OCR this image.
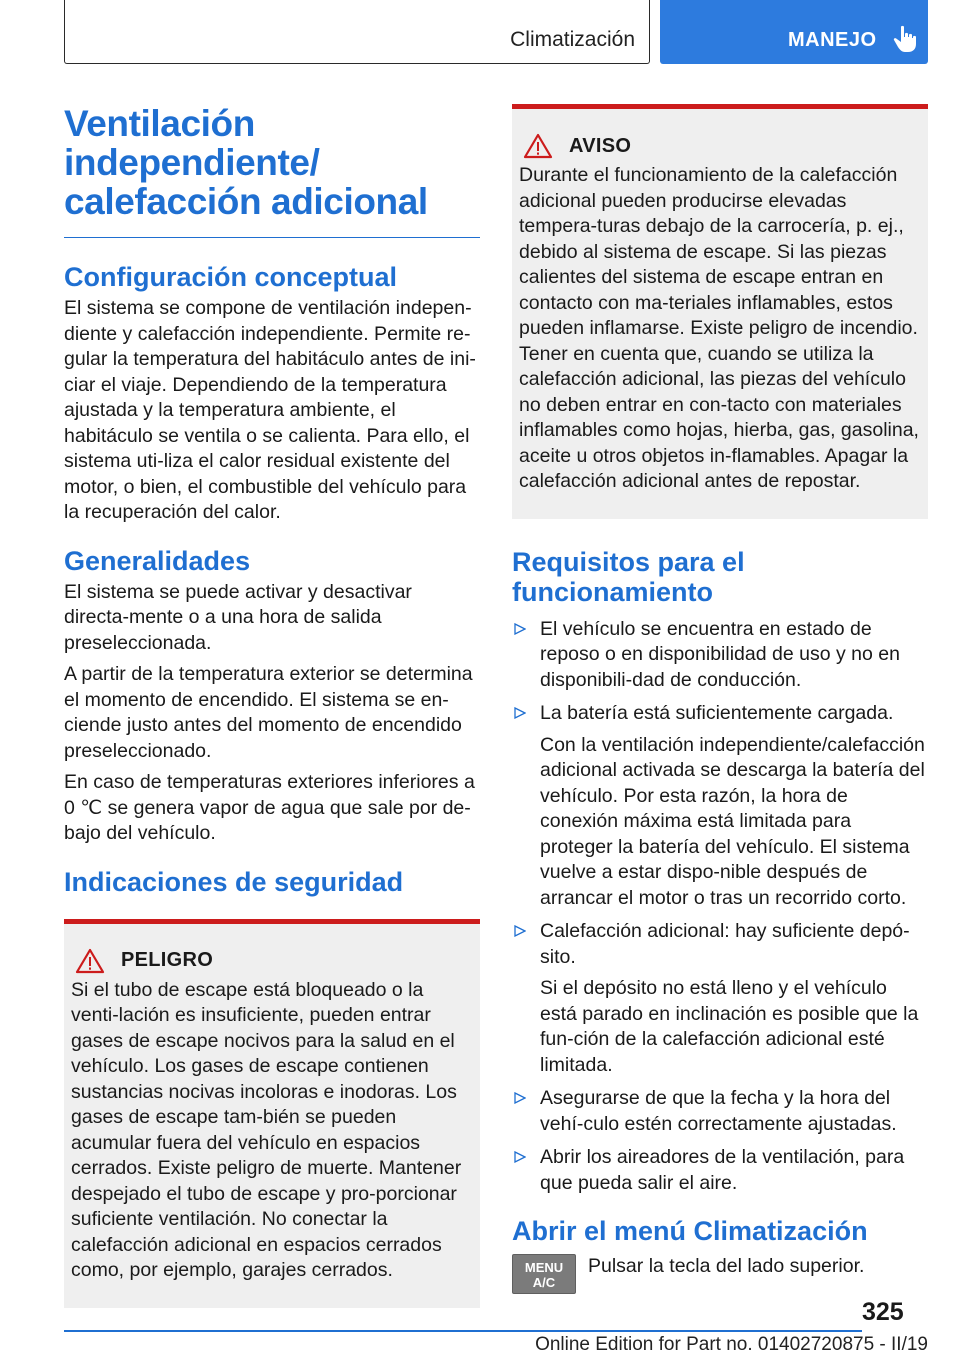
Climatización	MANEJO
Ventilación independiente/ calefacción adicional
Configuración conceptual

El sistema se compone de ventilación indepen-diente y calefacción independiente. Permite re-gular la temperatura del habitáculo antes de ini-ciar el viaje. Dependiendo de la temperatura ajustada y la temperatura ambiente, el habitáculo se ventila o se calienta. Para ello, el sistema uti-liza el calor residual existente del motor, o bien, el combustible del vehículo para la recuperación del calor.

Generalidades

El sistema se puede activar y desactivar directa-mente o a una hora de salida preseleccionada.

A partir de la temperatura exterior se determina el momento de encendido. El sistema se en-ciende justo antes del momento de encendido preseleccionado.

En caso de temperaturas exteriores inferiores a 0 ℃ se genera vapor de agua que sale por de-bajo del vehículo.

Indicaciones de seguridad
PELIGRO

Si el tubo de escape está bloqueado o la venti-lación es insuficiente, pueden entrar gases de escape nocivos para la salud en el vehículo. Los gases de escape contienen sustancias nocivas incoloras e inodoras. Los gases de escape tam-bién se pueden acumular fuera del vehículo en espacios cerrados. Existe peligro de muerte. Mantener despejado el tubo de escape y pro-porcionar suficiente ventilación. No conectar la calefacción adicional en espacios cerrados como, por ejemplo, garajes cerrados.

AVISO

Durante el funcionamiento de la calefacción adicional pueden producirse elevadas tempera-turas debajo de la carrocería, p. ej., debido al sistema de escape. Si las piezas calientes del sistema de escape entran en contacto con ma-teriales inflamables, estos pueden inflamarse. Existe peligro de incendio. Tener en cuenta que, cuando se utiliza la calefacción adicional, las piezas del vehículo no deben entrar en con-tacto con materiales inflamables como hojas, hierba, gas, gasolina, aceite u otros objetos in-flamables. Apagar la calefacción adicional antes de repostar.

Requisitos para el funcionamiento

El vehículo se encuentra en estado de reposo o en disponibilidad de uso y no en disponibili-dad de conducción.

La batería está suficientemente cargada.

Con la ventilación independiente/calefacción adicional activada se descarga la batería del vehículo. Por esta razón, la hora de conexión máxima está limitada para proteger la batería del vehículo. El sistema vuelve a estar dispo-nible después de arrancar el motor o tras un recorrido corto.

Calefacción adicional: hay suficiente depó-sito.

Si el depósito no está lleno y el vehículo está parado en inclinación es posible que la fun-ción de la calefacción adicional esté limitada.

Asegurarse de que la fecha y la hora del vehí-culo estén correctamente ajustadas.

Abrir los aireadores de la ventilación, para que pueda salir el aire.

Abrir el menú Climatización
MENU
A/C

Pulsar la tecla del lado superior.

325
Online Edition for Part no. 01402720875 - II/19
